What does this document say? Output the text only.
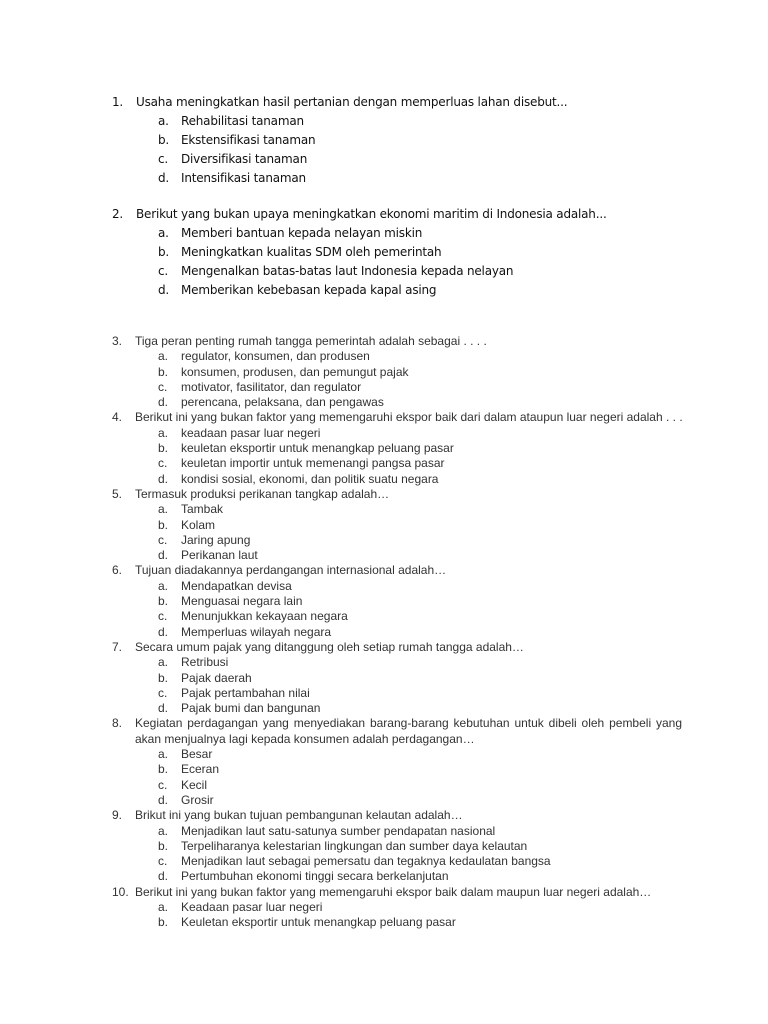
1. Usaha meningkatkan hasil pertanian dengan memperluas lahan disebut...
a. Rehabilitasi tanaman
b. Ekstensifikasi tanaman
c. Diversifikasi tanaman
d. Intensifikasi tanaman
2. Berikut yang bukan upaya meningkatkan ekonomi maritim di Indonesia adalah...
a. Memberi bantuan kepada nelayan miskin
b. Meningkatkan kualitas SDM oleh pemerintah
c. Mengenalkan batas-batas laut Indonesia kepada nelayan
d. Memberikan kebebasan kepada kapal asing
3.	Tiga peran penting rumah tangga pemerintah adalah sebagai . . . .
a.	regulator, konsumen, dan produsen
b.	konsumen, produsen, dan pemungut pajak
c.	motivator, fasilitator, dan regulator
d.	perencana, pelaksana, dan pengawas
4.	Berikut ini yang bukan faktor yang memengaruhi ekspor baik dari dalam ataupun luar negeri adalah . . .
a.	keadaan pasar luar negeri
b.	keuletan eksportir untuk menangkap peluang pasar
c.	keuletan importir untuk memenangi pangsa pasar
d.	kondisi sosial, ekonomi, dan politik suatu negara
5.	Termasuk produksi perikanan tangkap adalah…
a.	Tambak
b.	Kolam
c.	Jaring apung
d.	Perikanan laut
6.	Tujuan diadakannya perdangangan internasional adalah…
a.	Mendapatkan devisa
b.	Menguasai negara lain
c.	Menunjukkan kekayaan negara
d.	Memperluas wilayah negara
7.	Secara umum pajak yang ditanggung oleh setiap rumah tangga adalah…
a.	Retribusi
b.	Pajak daerah
c.	Pajak pertambahan nilai
d.	Pajak bumi dan bangunan
8.	Kegiatan perdagangan yang menyediakan barang-barang kebutuhan untuk dibeli oleh pembeli yang akan menjualnya lagi kepada konsumen adalah perdagangan…
a.	Besar
b.	Eceran
c.	Kecil
d.	Grosir
9.	Brikut ini yang bukan tujuan pembangunan kelautan adalah…
a.	Menjadikan laut satu-satunya sumber pendapatan nasional
b.	Terpeliharanya kelestarian lingkungan dan sumber daya kelautan
c.	Menjadikan laut sebagai pemersatu dan tegaknya kedaulatan bangsa
d.	Pertumbuhan ekonomi tinggi secara berkelanjutan
10. Berikut ini yang bukan faktor yang memengaruhi ekspor baik dalam maupun luar negeri adalah…
a.	Keadaan pasar luar negeri
b.	Keuletan eksportir untuk menangkap peluang pasar
